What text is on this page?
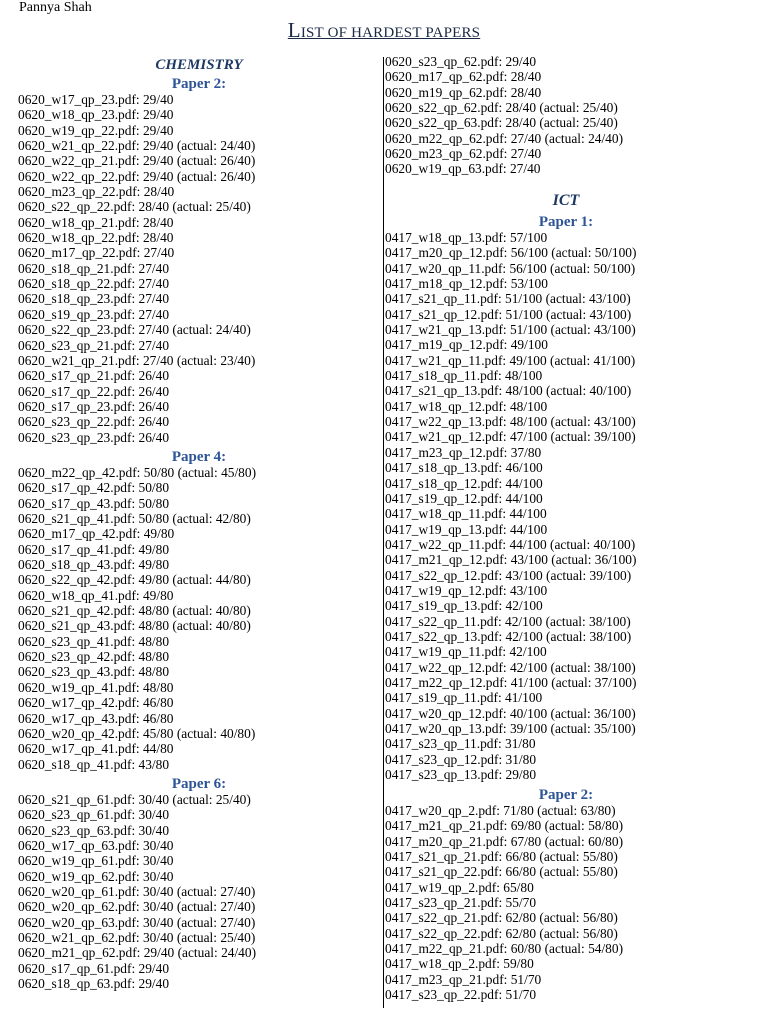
Pannya Shah
LIST OF HARDEST PAPERS
CHEMISTRY
Paper 2:
0620_w17_qp_23.pdf: 29/40
0620_w18_qp_23.pdf: 29/40
0620_w19_qp_22.pdf: 29/40
0620_w21_qp_22.pdf: 29/40 (actual: 24/40)
0620_w22_qp_21.pdf: 29/40 (actual: 26/40)
0620_w22_qp_22.pdf: 29/40 (actual: 26/40)
0620_m23_qp_22.pdf: 28/40
0620_s22_qp_22.pdf: 28/40 (actual: 25/40)
0620_w18_qp_21.pdf: 28/40
0620_w18_qp_22.pdf: 28/40
0620_m17_qp_22.pdf: 27/40
0620_s18_qp_21.pdf: 27/40
0620_s18_qp_22.pdf: 27/40
0620_s18_qp_23.pdf: 27/40
0620_s19_qp_23.pdf: 27/40
0620_s22_qp_23.pdf: 27/40 (actual: 24/40)
0620_s23_qp_21.pdf: 27/40
0620_w21_qp_21.pdf: 27/40 (actual: 23/40)
0620_s17_qp_21.pdf: 26/40
0620_s17_qp_22.pdf: 26/40
0620_s17_qp_23.pdf: 26/40
0620_s23_qp_22.pdf: 26/40
0620_s23_qp_23.pdf: 26/40
Paper 4:
0620_m22_qp_42.pdf: 50/80 (actual: 45/80)
0620_s17_qp_42.pdf: 50/80
0620_s17_qp_43.pdf: 50/80
0620_s21_qp_41.pdf: 50/80 (actual: 42/80)
0620_m17_qp_42.pdf: 49/80
0620_s17_qp_41.pdf: 49/80
0620_s18_qp_43.pdf: 49/80
0620_s22_qp_42.pdf: 49/80 (actual: 44/80)
0620_w18_qp_41.pdf: 49/80
0620_s21_qp_42.pdf: 48/80 (actual: 40/80)
0620_s21_qp_43.pdf: 48/80 (actual: 40/80)
0620_s23_qp_41.pdf: 48/80
0620_s23_qp_42.pdf: 48/80
0620_s23_qp_43.pdf: 48/80
0620_w19_qp_41.pdf: 48/80
0620_w17_qp_42.pdf: 46/80
0620_w17_qp_43.pdf: 46/80
0620_w20_qp_42.pdf: 45/80 (actual: 40/80)
0620_w17_qp_41.pdf: 44/80
0620_s18_qp_41.pdf: 43/80
Paper 6:
0620_s21_qp_61.pdf: 30/40 (actual: 25/40)
0620_s23_qp_61.pdf: 30/40
0620_s23_qp_63.pdf: 30/40
0620_w17_qp_63.pdf: 30/40
0620_w19_qp_61.pdf: 30/40
0620_w19_qp_62.pdf: 30/40
0620_w20_qp_61.pdf: 30/40 (actual: 27/40)
0620_w20_qp_62.pdf: 30/40 (actual: 27/40)
0620_w20_qp_63.pdf: 30/40 (actual: 27/40)
0620_w21_qp_62.pdf: 30/40 (actual: 25/40)
0620_m21_qp_62.pdf: 29/40 (actual: 24/40)
0620_s17_qp_61.pdf: 29/40
0620_s18_qp_63.pdf: 29/40
0620_s23_qp_62.pdf: 29/40
0620_m17_qp_62.pdf: 28/40
0620_m19_qp_62.pdf: 28/40
0620_s22_qp_62.pdf: 28/40 (actual: 25/40)
0620_s22_qp_63.pdf: 28/40 (actual: 25/40)
0620_m22_qp_62.pdf: 27/40 (actual: 24/40)
0620_m23_qp_62.pdf: 27/40
0620_w19_qp_63.pdf: 27/40
ICT
Paper 1:
0417_w18_qp_13.pdf: 57/100
0417_m20_qp_12.pdf: 56/100 (actual: 50/100)
0417_w20_qp_11.pdf: 56/100 (actual: 50/100)
0417_m18_qp_12.pdf: 53/100
0417_s21_qp_11.pdf: 51/100 (actual: 43/100)
0417_s21_qp_12.pdf: 51/100 (actual: 43/100)
0417_w21_qp_13.pdf: 51/100 (actual: 43/100)
0417_m19_qp_12.pdf: 49/100
0417_w21_qp_11.pdf: 49/100 (actual: 41/100)
0417_s18_qp_11.pdf: 48/100
0417_s21_qp_13.pdf: 48/100 (actual: 40/100)
0417_w18_qp_12.pdf: 48/100
0417_w22_qp_13.pdf: 48/100 (actual: 43/100)
0417_w21_qp_12.pdf: 47/100 (actual: 39/100)
0417_m23_qp_12.pdf: 37/80
0417_s18_qp_13.pdf: 46/100
0417_s18_qp_12.pdf: 44/100
0417_s19_qp_12.pdf: 44/100
0417_w18_qp_11.pdf: 44/100
0417_w19_qp_13.pdf: 44/100
0417_w22_qp_11.pdf: 44/100 (actual: 40/100)
0417_m21_qp_12.pdf: 43/100 (actual: 36/100)
0417_s22_qp_12.pdf: 43/100 (actual: 39/100)
0417_w19_qp_12.pdf: 43/100
0417_s19_qp_13.pdf: 42/100
0417_s22_qp_11.pdf: 42/100 (actual: 38/100)
0417_s22_qp_13.pdf: 42/100 (actual: 38/100)
0417_w19_qp_11.pdf: 42/100
0417_w22_qp_12.pdf: 42/100 (actual: 38/100)
0417_m22_qp_12.pdf: 41/100 (actual: 37/100)
0417_s19_qp_11.pdf: 41/100
0417_w20_qp_12.pdf: 40/100 (actual: 36/100)
0417_w20_qp_13.pdf: 39/100 (actual: 35/100)
0417_s23_qp_11.pdf: 31/80
0417_s23_qp_12.pdf: 31/80
0417_s23_qp_13.pdf: 29/80
Paper 2:
0417_w20_qp_2.pdf: 71/80 (actual: 63/80)
0417_m21_qp_21.pdf: 69/80 (actual: 58/80)
0417_m20_qp_21.pdf: 67/80 (actual: 60/80)
0417_s21_qp_21.pdf: 66/80 (actual: 55/80)
0417_s21_qp_22.pdf: 66/80 (actual: 55/80)
0417_w19_qp_2.pdf: 65/80
0417_s23_qp_21.pdf: 55/70
0417_s22_qp_21.pdf: 62/80 (actual: 56/80)
0417_s22_qp_22.pdf: 62/80 (actual: 56/80)
0417_m22_qp_21.pdf: 60/80 (actual: 54/80)
0417_w18_qp_2.pdf: 59/80
0417_m23_qp_21.pdf: 51/70
0417_s23_qp_22.pdf: 51/70
